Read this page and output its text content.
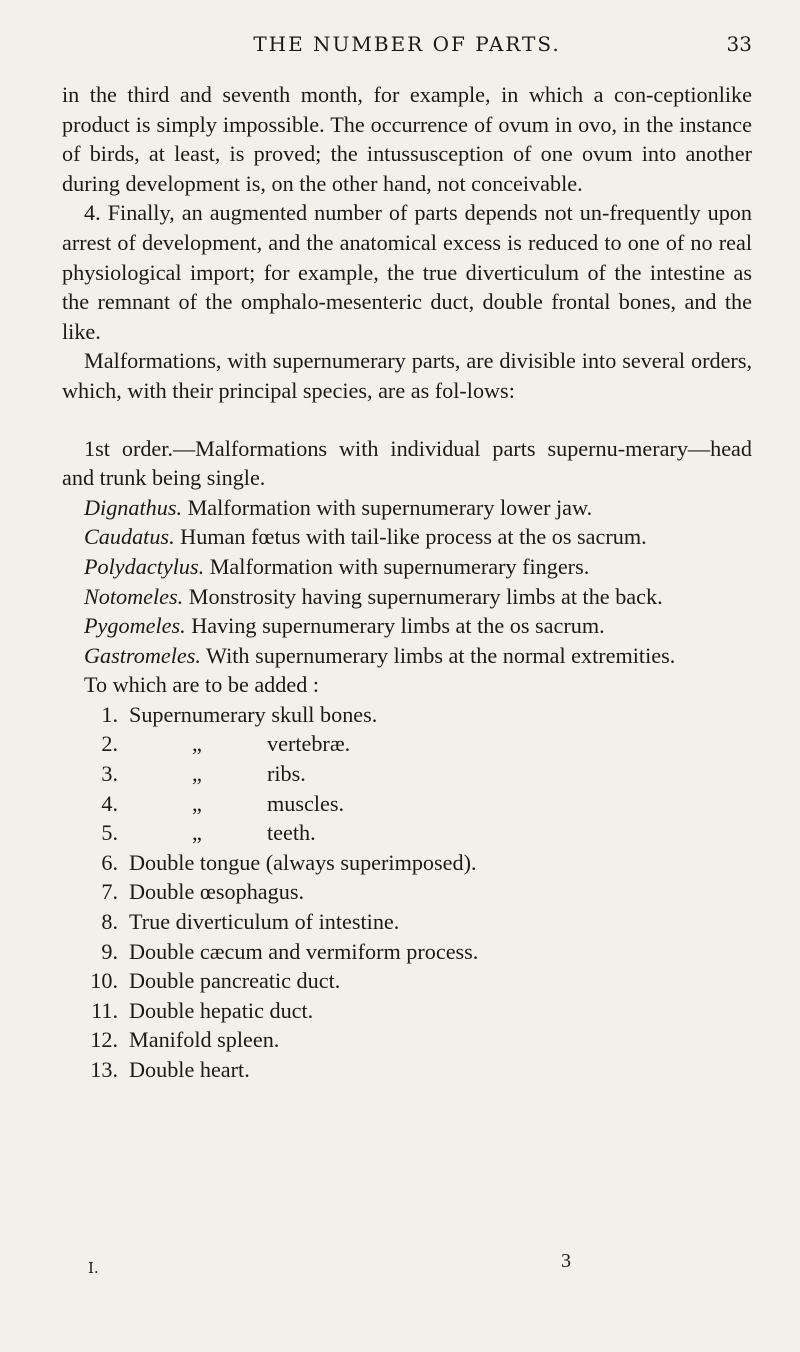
THE NUMBER OF PARTS.	33

in the third and seventh month, for example, in which a con-ceptionlike product is simply impossible. The occurrence of ovum in ovo, in the instance of birds, at least, is proved; the intussusception of one ovum into another during development is, on the other hand, not conceivable.

4. Finally, an augmented number of parts depends not un-frequently upon arrest of development, and the anatomical excess is reduced to one of no real physiological import; for example, the true diverticulum of the intestine as the remnant of the omphalo-mesenteric duct, double frontal bones, and the like.

Malformations, with supernumerary parts, are divisible into several orders, which, with their principal species, are as fol-lows:

1st order.—Malformations with individual parts supernu-merary—head and trunk being single.

Dignathus. Malformation with supernumerary lower jaw.

Caudatus. Human fœtus with tail-like process at the os sacrum.

Polydactylus. Malformation with supernumerary fingers.

Notomeles. Monstrosity having supernumerary limbs at the back.

Pygomeles. Having supernumerary limbs at the os sacrum.

Gastromeles. With supernumerary limbs at the normal extremities.

To which are to be added :

1. Supernumerary skull bones.
2.	„	vertebræ.
3.	„	ribs.
4.	„	muscles.
5.	„	teeth.
6. Double tongue (always superimposed).
7. Double œsophagus.
8. True diverticulum of intestine.
9. Double cæcum and vermiform process.
10. Double pancreatic duct.
11. Double hepatic duct.
12. Manifold spleen.
13. Double heart.
I.	3
